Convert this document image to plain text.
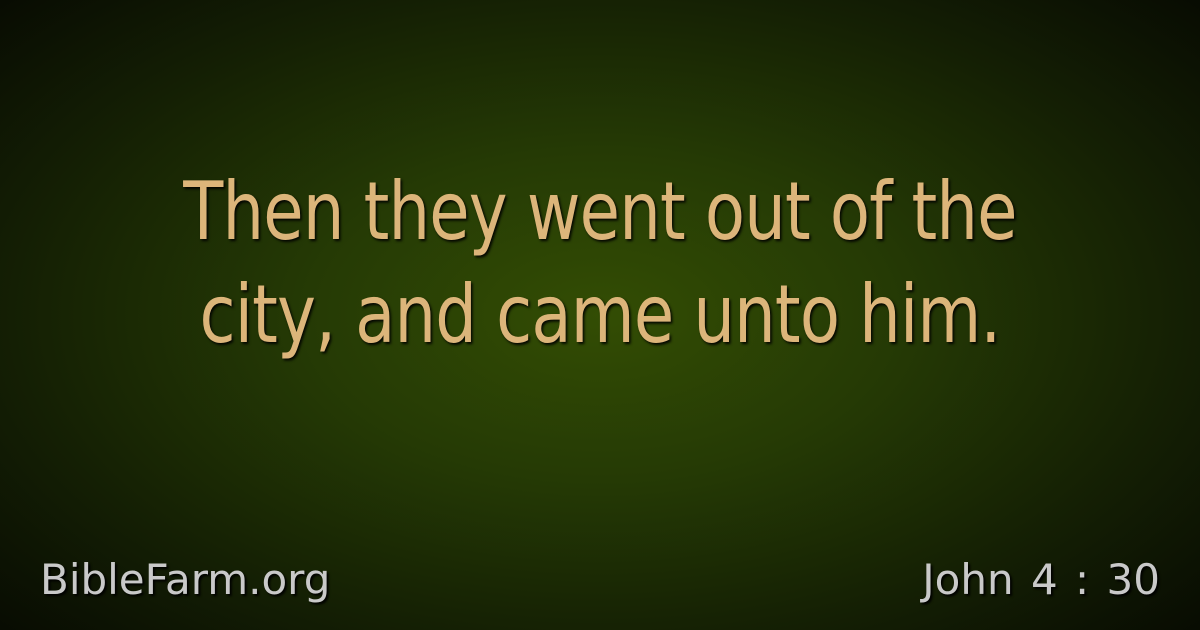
Then they went out of the city, and came unto him.
BibleFarm.org	John 4 : 30
